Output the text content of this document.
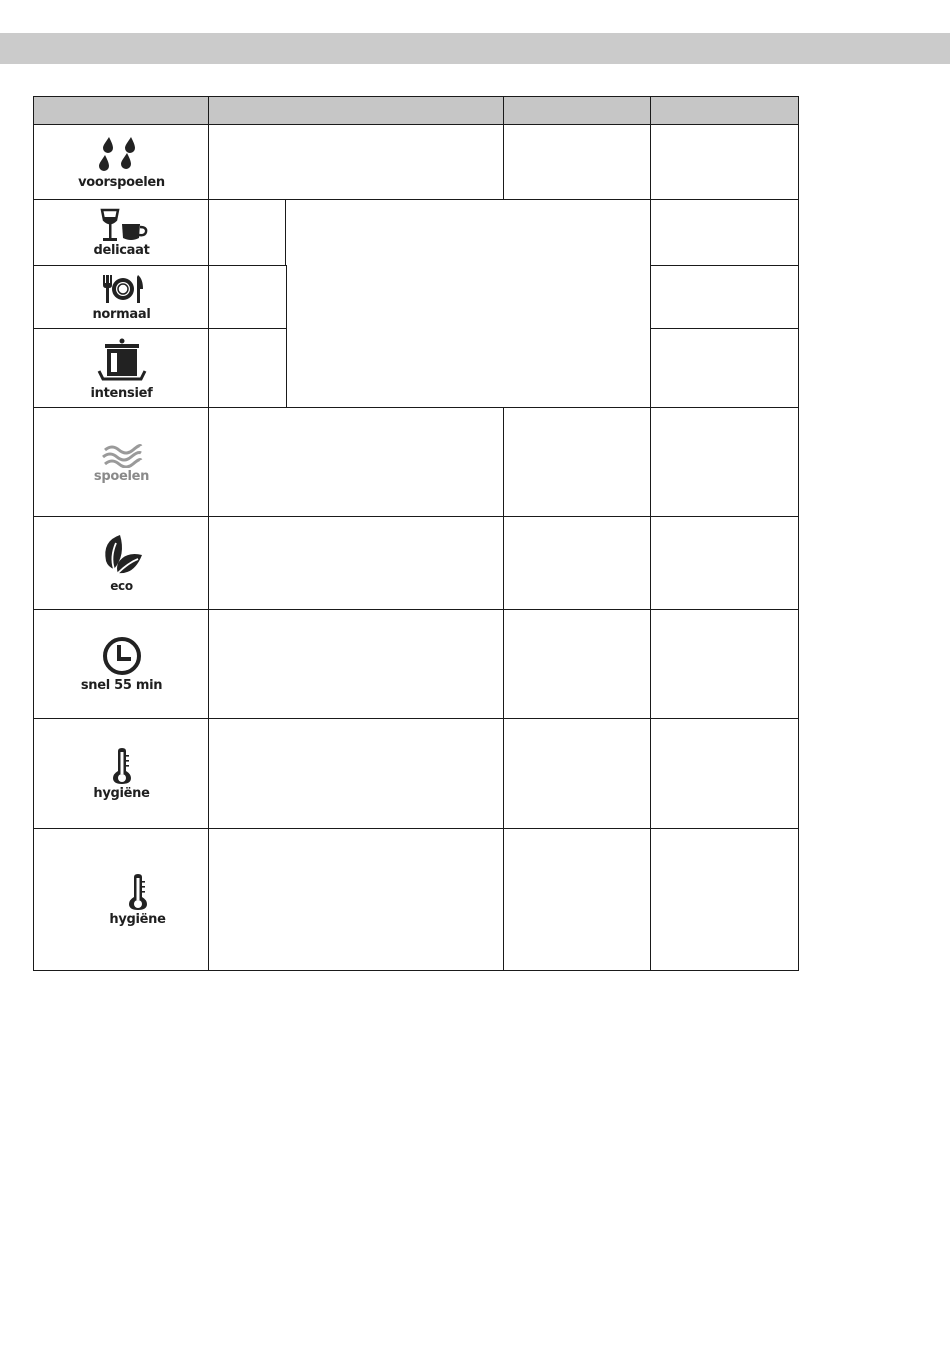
voorspoelen
delicaat
normaal
intensief
spoelen
eco
snel 55 min
hygiëne
hygiëne
